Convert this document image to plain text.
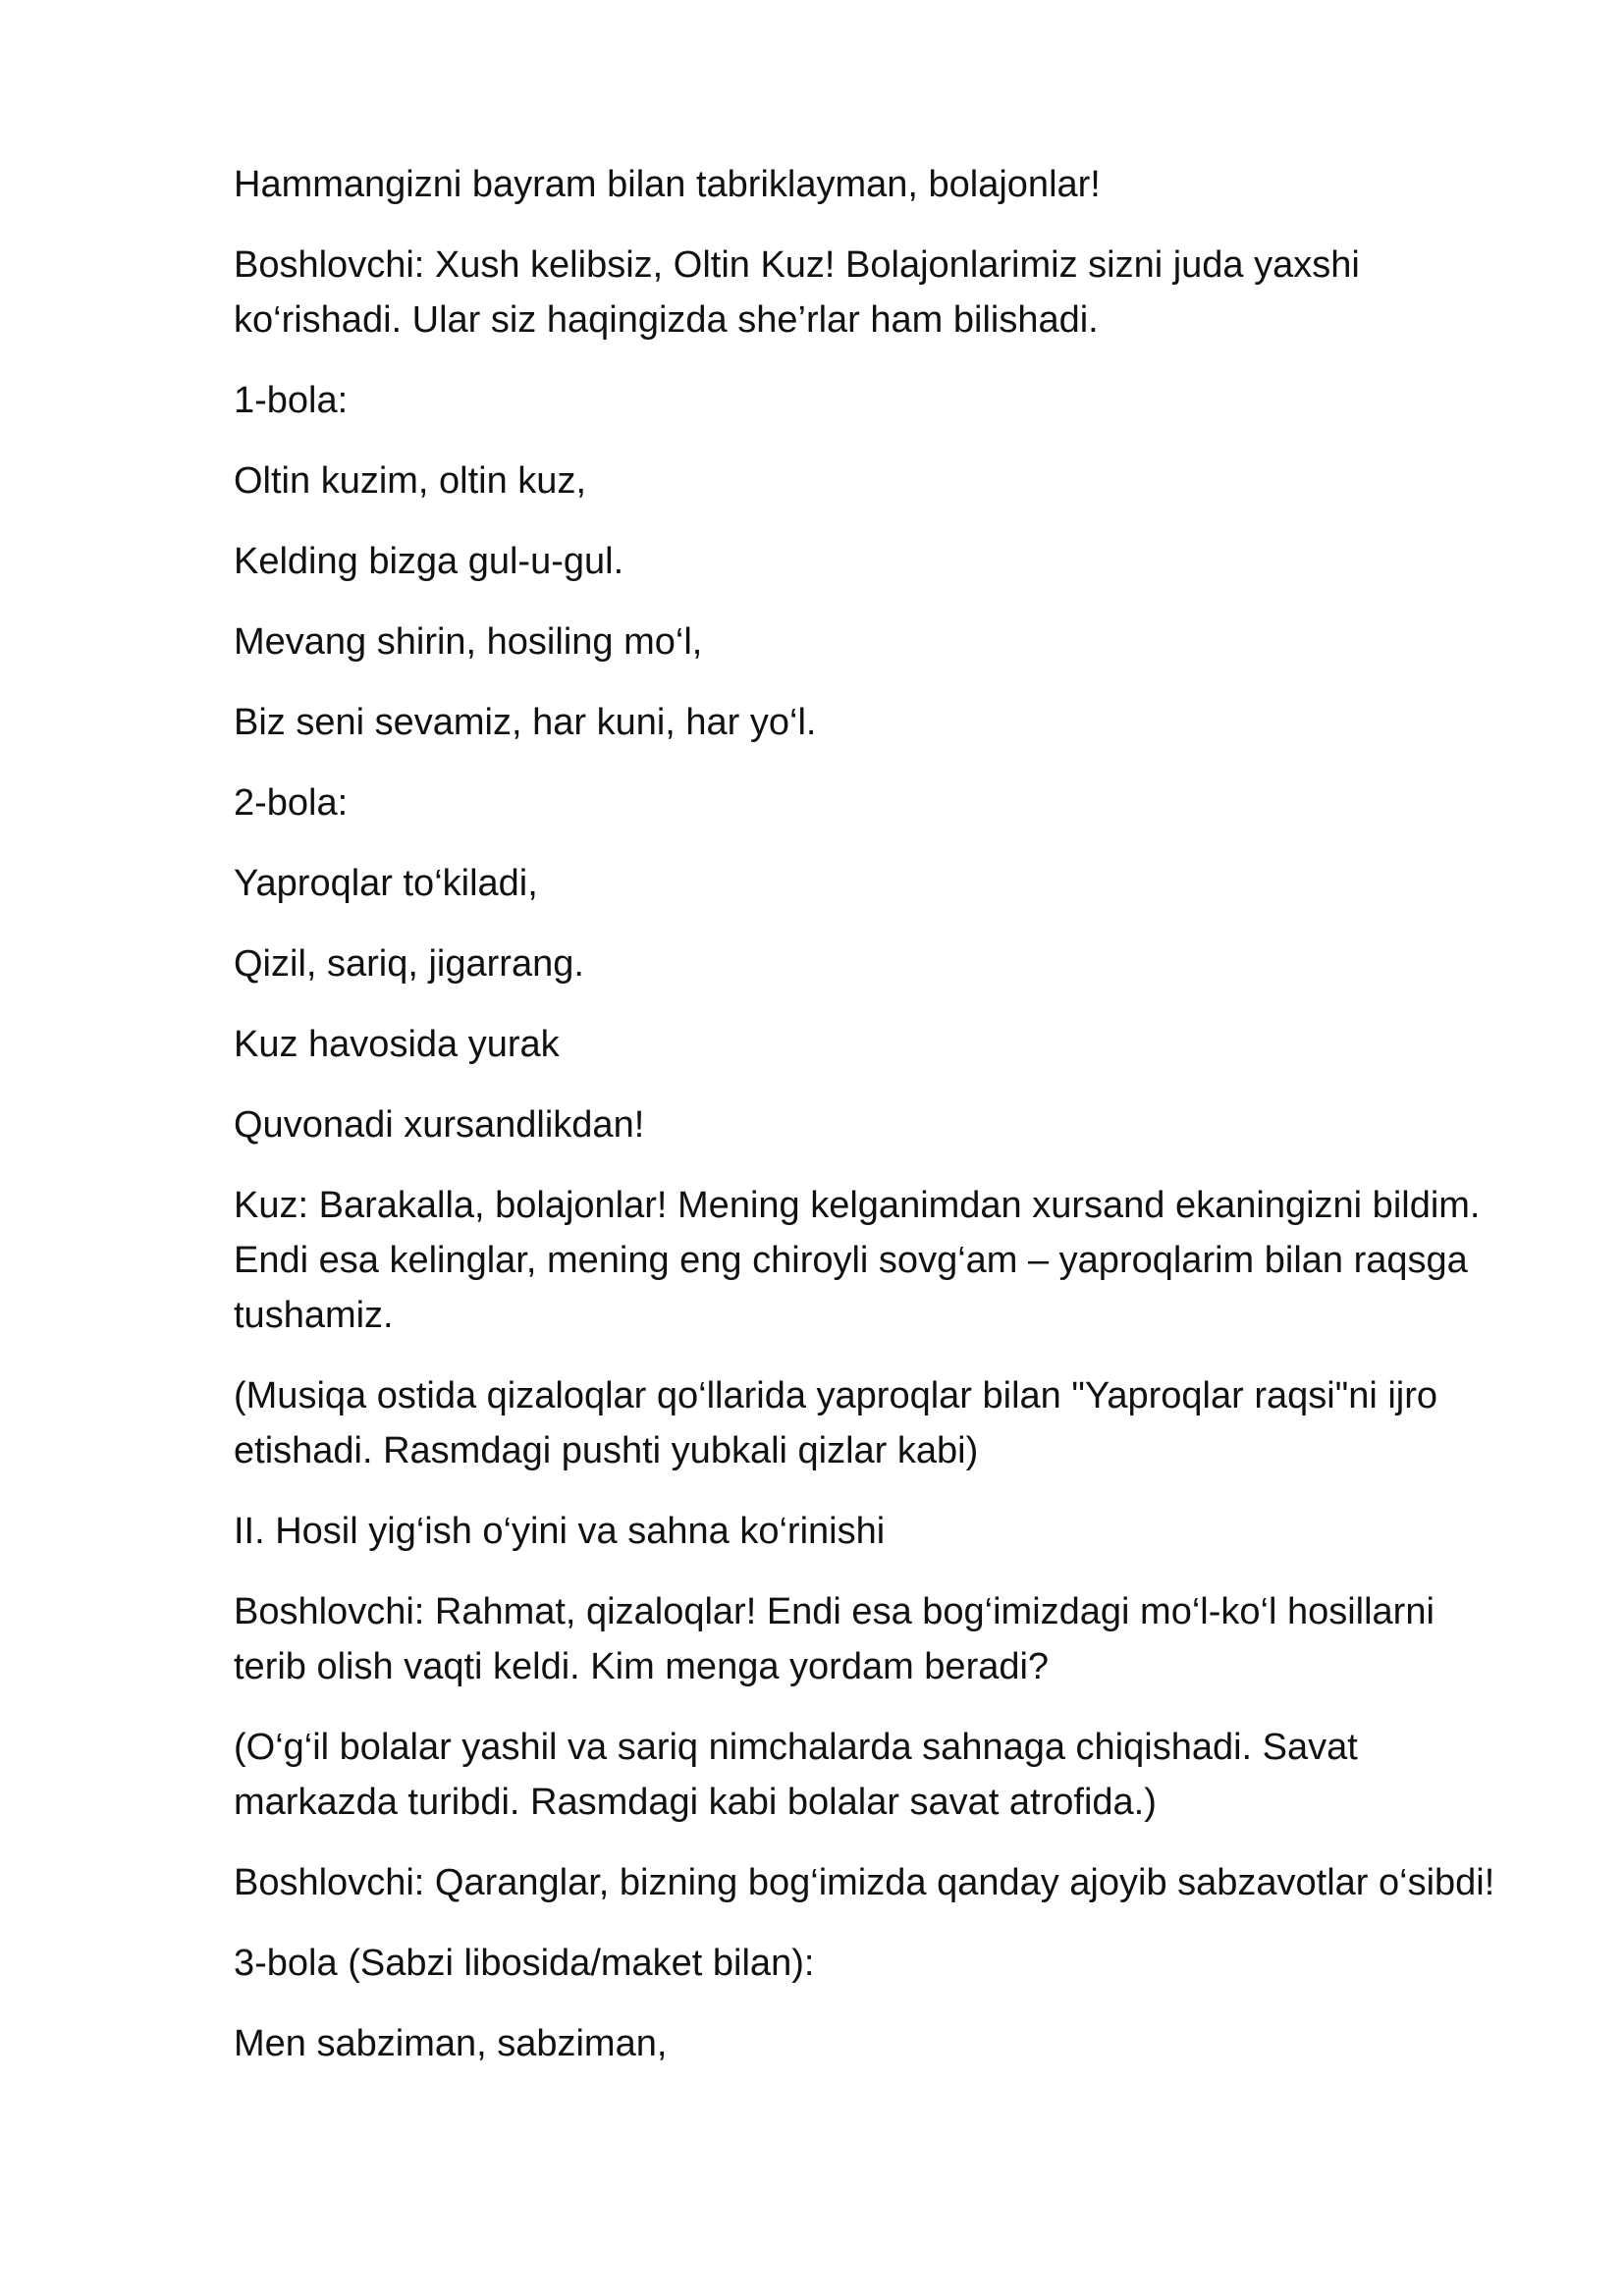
Hammangizni bayram bilan tabriklayman, bolajonlar!

Boshlovchi: Xush kelibsiz, Oltin Kuz! Bolajonlarimiz sizni juda yaxshi ko‘rishadi. Ular siz haqingizda she’rlar ham bilishadi.

1-bola:

Oltin kuzim, oltin kuz,

Kelding bizga gul-u-gul.

Mevang shirin, hosiling mo‘l,

Biz seni sevamiz, har kuni, har yo‘l.

2-bola:

Yaproqlar to‘kiladi,

Qizil, sariq, jigarrang.

Kuz havosida yurak

Quvonadi xursandlikdan!

Kuz: Barakalla, bolajonlar! Mening kelganimdan xursand ekaningizni bildim. Endi esa kelinglar, mening eng chiroyli sovg‘am – yaproqlarim bilan raqsga tushamiz.

(Musiqa ostida qizaloqlar qo‘llarida yaproqlar bilan "Yaproqlar raqsi"ni ijro etishadi. Rasmdagi pushti yubkali qizlar kabi)

II. Hosil yig‘ish o‘yini va sahna ko‘rinishi

Boshlovchi: Rahmat, qizaloqlar! Endi esa bog‘imizdagi mo‘l-ko‘l hosillarni terib olish vaqti keldi. Kim menga yordam beradi?

(O‘g‘il bolalar yashil va sariq nimchalarda sahnaga chiqishadi. Savat markazda turibdi. Rasmdagi kabi bolalar savat atrofida.)

Boshlovchi: Qaranglar, bizning bog‘imizda qanday ajoyib sabzavotlar o‘sibdi!

3-bola (Sabzi libosida/maket bilan):

Men sabziman, sabziman,
